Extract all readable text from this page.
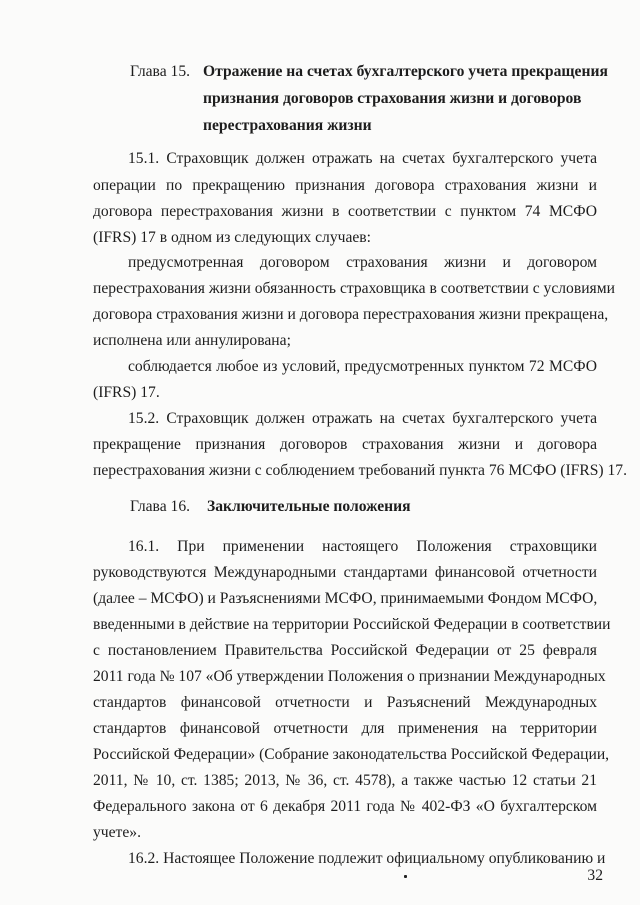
Глава 15. Отражение на счетах бухгалтерского учета прекращения
признания договоров страхования жизни и договоров
перестрахования жизни
15.1. Страховщик должен отражать на счетах бухгалтерского учета
операции по прекращению признания договора страхования жизни и
договора перестрахования жизни в соответствии с пунктом 74 МСФО
(IFRS) 17 в одном из следующих случаев:
предусмотренная договором страхования жизни и договором
перестрахования жизни обязанность страховщика в соответствии с условиями
договора страхования жизни и договора перестрахования жизни прекращена,
исполнена или аннулирована;
соблюдается любое из условий, предусмотренных пунктом 72 МСФО
(IFRS) 17.
15.2. Страховщик должен отражать на счетах бухгалтерского учета
прекращение признания договоров страхования жизни и договора
перестрахования жизни с соблюдением требований пункта 76 МСФО (IFRS) 17.
Глава 16. Заключительные положения
16.1. При применении настоящего Положения страховщики
руководствуются Международными стандартами финансовой отчетности
(далее – МСФО) и Разъяснениями МСФО, принимаемыми Фондом МСФО,
введенными в действие на территории Российской Федерации в соответствии
с постановлением Правительства Российской Федерации от 25 февраля
2011 года № 107 «Об утверждении Положения о признании Международных
стандартов финансовой отчетности и Разъяснений Международных
стандартов финансовой отчетности для применения на территории
Российской Федерации» (Собрание законодательства Российской Федерации,
2011, № 10, ст. 1385; 2013, № 36, ст. 4578), а также частью 12 статьи 21
Федерального закона от 6 декабря 2011 года № 402-ФЗ «О бухгалтерском
учете».
16.2. Настоящее Положение подлежит официальному опубликованию и
32
